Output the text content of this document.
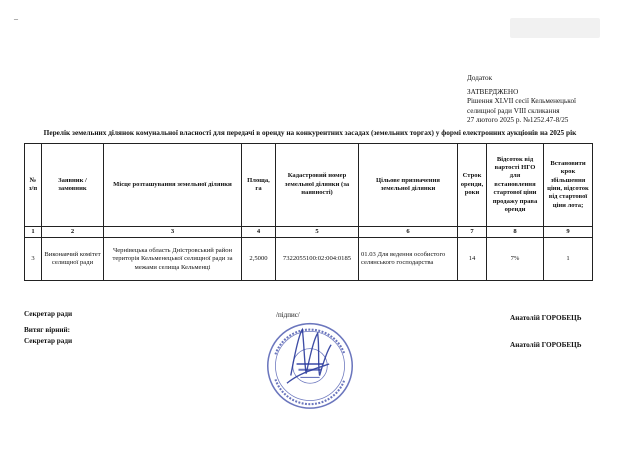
–
Додаток
ЗАТВЕРДЖЕНО
Рішення XLVII сесії Кельменецької
селищної ради VIII скликання
27 лютого 2025 р. №1252.47-8/25
Перелік земельних ділянок комунальної власності для передачі в оренду на конкурентних засадах (земельних торгах) у формі електронних аукціонів на 2025 рік
№ з/п	Заявник / замовник	Місце розташування земельної ділянки	Площа, га	Кадастровий номер земельної ділянки (за наявності)	Цільове призначення земельної ділянки	Строк оренди, роки	Відсоток від вартості НГО для встановлення стартової ціни продажу права оренди	Встановити крок збільшення ціни, відсоток від стартової ціни лота;
1	2	3	4	5	6	7	8	9
3	Виконавчий комітет селищної ради	Чернівецька область Дністровський район територія Кельменецької селищної ради за межами селища Кельменці	2,5000	7322055100:02:004:0185	01.03 Для ведення особистого селянського господарства	14	7%	1
Секретар ради	/підпис/	Анатолій ГОРОБЕЦЬ
Витяг вірний:
Секретар ради	Анатолій ГОРОБЕЦЬ
